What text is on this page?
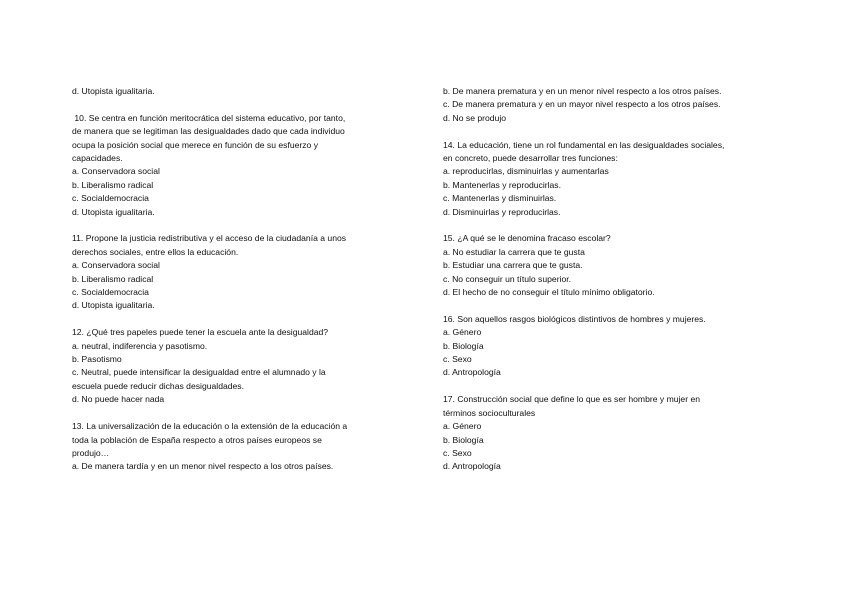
d. Utopista igualitaria.
10. Se centra en función meritocrática del sistema educativo, por tanto,
de manera que se legitiman las desigualdades dado que cada individuo
ocupa la posición social que merece en función de su esfuerzo y
capacidades.
a. Conservadora social
b. Liberalismo radical
c. Socialdemocracia
d. Utopista igualitaria.
11. Propone la justicia redistributiva y el acceso de la ciudadanía a unos
derechos sociales, entre ellos la educación.
a. Conservadora social
b. Liberalismo radical
c. Socialdemocracia
d. Utopista igualitaria.
12. ¿Qué tres papeles puede tener la escuela ante la desigualdad?
a. neutral, indiferencia y pasotismo.
b. Pasotismo
c. Neutral, puede intensificar la desigualdad entre el alumnado y la
escuela puede reducir dichas desigualdades.
d. No puede hacer nada
13. La universalización de la educación o la extensión de la educación a
toda la población de España respecto a otros países europeos se
produjo…
a. De manera tardía y en un menor nivel respecto a los otros países.
b. De manera prematura y en un menor nivel respecto a los otros países.
c. De manera prematura y en un mayor nivel respecto a los otros países.
d. No se produjo
14. La educación, tiene un rol fundamental en las desigualdades sociales,
en concreto, puede desarrollar tres funciones:
a. reproducirlas, disminuirlas y aumentarlas
b. Mantenerlas y reproducirlas.
c. Mantenerlas y disminuirlas.
d. Disminuirlas y reproducirlas.
15. ¿A qué se le denomina fracaso escolar?
a. No estudiar la carrera que te gusta
b. Estudiar una carrera que te gusta.
c. No conseguir un título superior.
d. El hecho de no conseguir el título mínimo obligatorio.
16. Son aquellos rasgos biológicos distintivos de hombres y mujeres.
a. Género
b. Biología
c. Sexo
d. Antropología
17. Construcción social que define lo que es ser hombre y mujer en
términos socioculturales
a. Género
b. Biología
c. Sexo
d. Antropología
